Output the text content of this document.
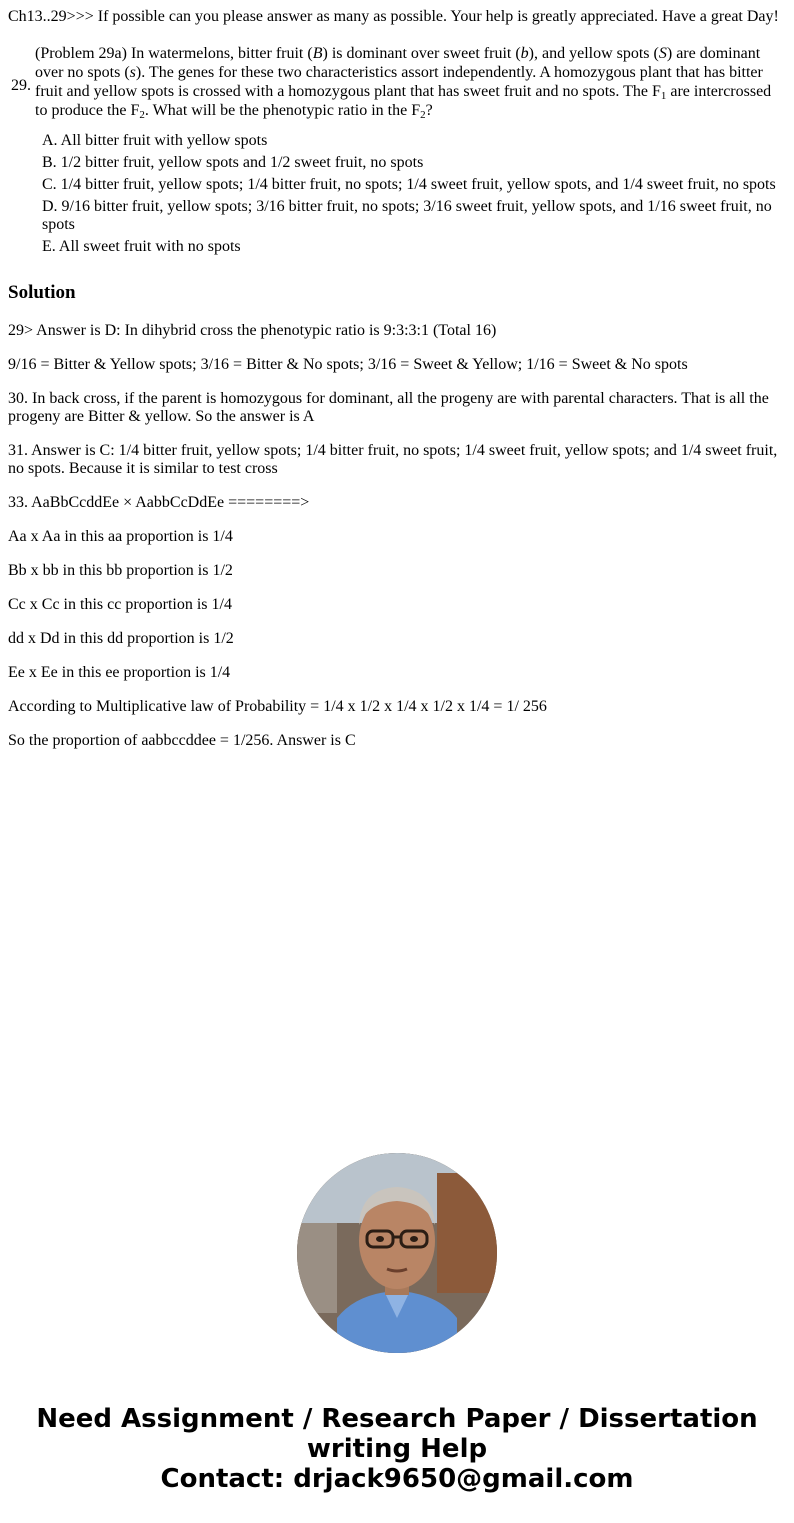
Ch13..29>>> If possible can you please answer as many as possible. Your help is greatly appreciated. Have a great Day!
29.
(Problem 29a) In watermelons, bitter fruit (B) is dominant over sweet fruit (b), and yellow spots (S) are dominant over no spots (s). The genes for these two characteristics assort independently. A homozygous plant that has bitter fruit and yellow spots is crossed with a homozygous plant that has sweet fruit and no spots. The $F_1$ are intercrossed to produce the $F_2$. What will be the phenotypic ratio in the $F_2$?
A. All bitter fruit with yellow spots
B. 1/2 bitter fruit, yellow spots and 1/2 sweet fruit, no spots
C. 1/4 bitter fruit, yellow spots; 1/4 bitter fruit, no spots; 1/4 sweet fruit, yellow spots, and 1/4 sweet fruit, no spots
D. 9/16 bitter fruit, yellow spots; 3/16 bitter fruit, no spots; 3/16 sweet fruit, yellow spots, and 1/16 sweet fruit, no spots
E. All sweet fruit with no spots
Solution
29> Answer is D: In dihybrid cross the phenotypic ratio is 9:3:3:1 (Total 16)
9/16 = Bitter & Yellow spots; 3/16 = Bitter & No spots; 3/16 = Sweet & Yellow; 1/16 = Sweet & No spots
30. In back cross, if the parent is homozygous for dominant, all the progeny are with parental characters. That is all the progeny are Bitter & yellow. So the answer is A
31. Answer is C: 1/4 bitter fruit, yellow spots; 1/4 bitter fruit, no spots; 1/4 sweet fruit, yellow spots; and 1/4 sweet fruit, no spots. Because it is similar to test cross
33. AaBbCcddEe × AabbCcDdEe ========>
Aa x Aa in this aa proportion is 1/4
Bb x bb in this bb proportion is 1/2
Cc x Cc in this cc proportion is 1/4
dd x Dd in this dd proportion is 1/2
Ee x Ee in this ee proportion is 1/4
According to Multiplicative law of Probability = 1/4 x 1/2 x 1/4 x 1/2 x 1/4 = 1/ 256
So the proportion of aabbccddee = 1/256. Answer is C
Need Assignment / Research Paper / Dissertation
writing Help
Contact: drjack9650@gmail.com
